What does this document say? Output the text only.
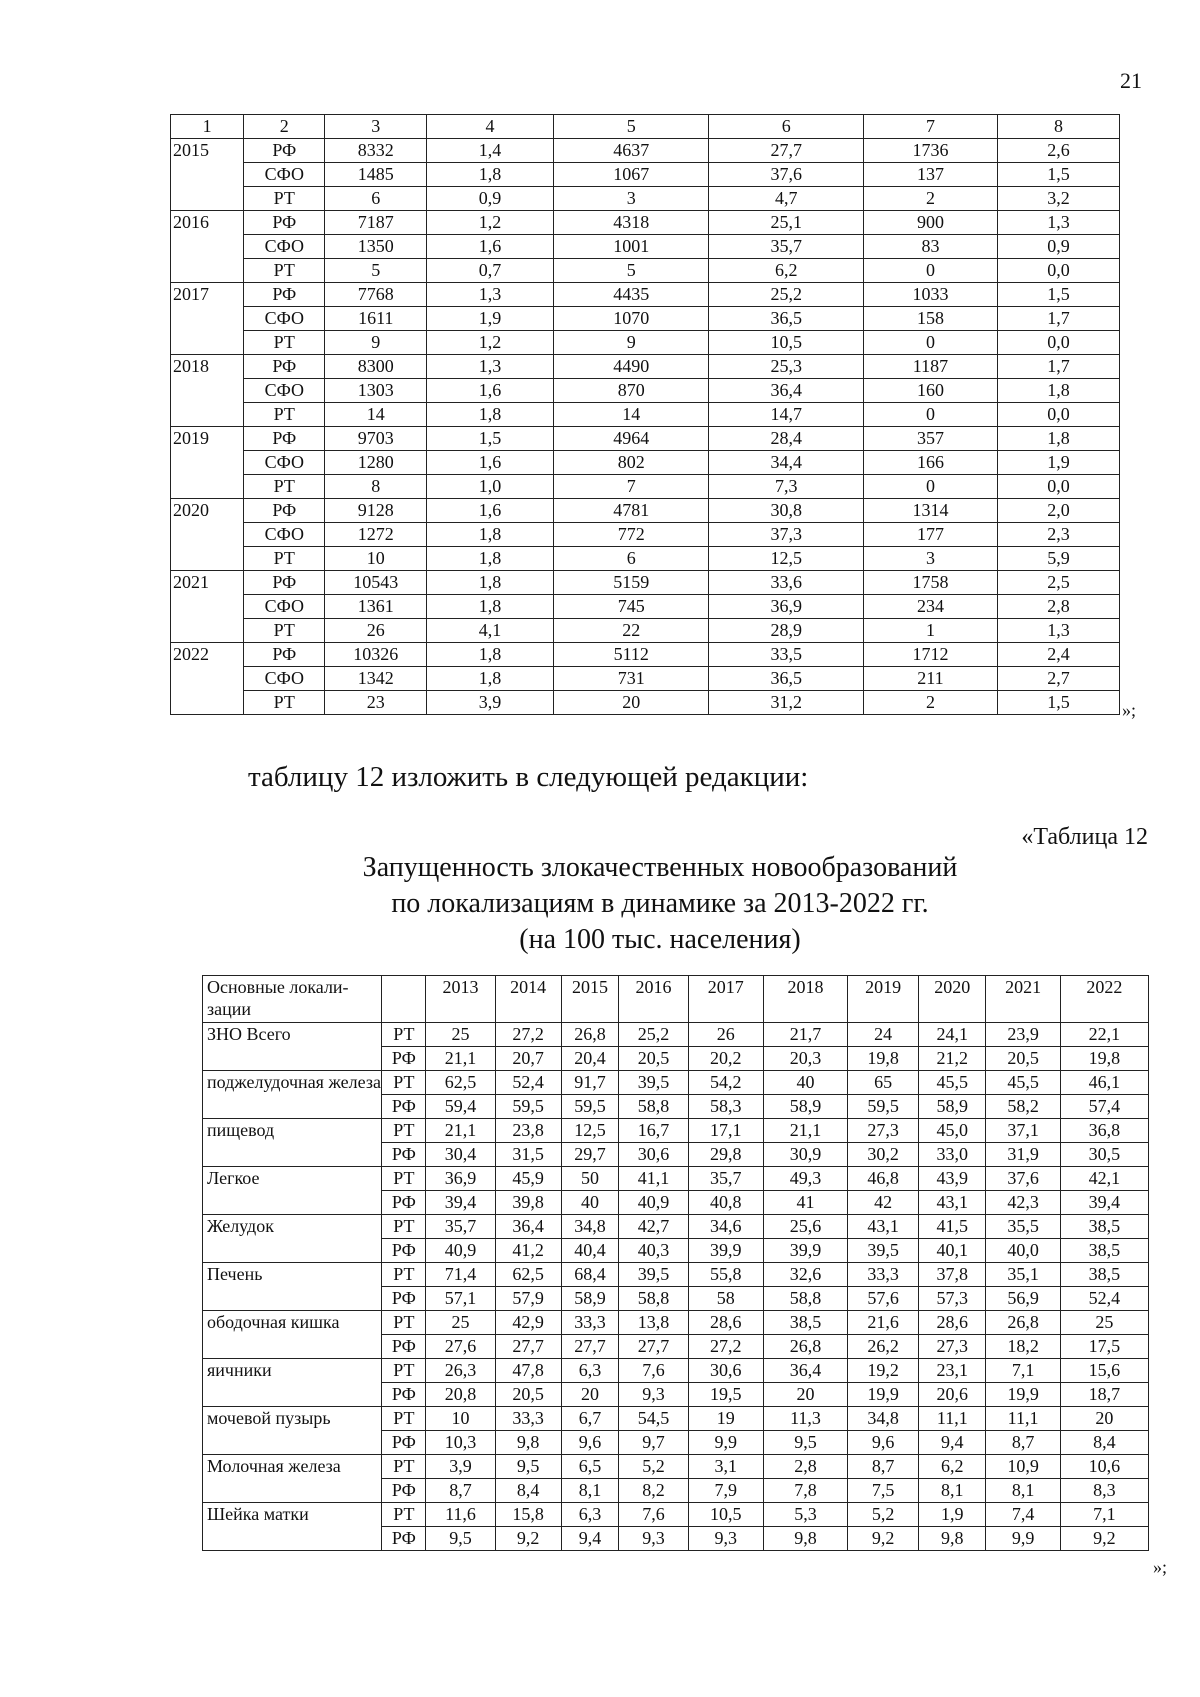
21
1	2	3	4	5	6	7	8
2015	РФ	8332	1,4	4637	27,7	1736	2,6
	СФО	1485	1,8	1067	37,6	137	1,5
	РТ	6	0,9	3	4,7	2	3,2
2016	РФ	7187	1,2	4318	25,1	900	1,3
	СФО	1350	1,6	1001	35,7	83	0,9
	РТ	5	0,7	5	6,2	0	0,0
2017	РФ	7768	1,3	4435	25,2	1033	1,5
	СФО	1611	1,9	1070	36,5	158	1,7
	РТ	9	1,2	9	10,5	0	0,0
2018	РФ	8300	1,3	4490	25,3	1187	1,7
	СФО	1303	1,6	870	36,4	160	1,8
	РТ	14	1,8	14	14,7	0	0,0
2019	РФ	9703	1,5	4964	28,4	357	1,8
	СФО	1280	1,6	802	34,4	166	1,9
	РТ	8	1,0	7	7,3	0	0,0
2020	РФ	9128	1,6	4781	30,8	1314	2,0
	СФО	1272	1,8	772	37,3	177	2,3
	РТ	10	1,8	6	12,5	3	5,9
2021	РФ	10543	1,8	5159	33,6	1758	2,5
	СФО	1361	1,8	745	36,9	234	2,8
	РТ	26	4,1	22	28,9	1	1,3
2022	РФ	10326	1,8	5112	33,5	1712	2,4
	СФО	1342	1,8	731	36,5	211	2,7
	РТ	23	3,9	20	31,2	2	1,5	»;
таблицу 12 изложить в следующей редакции:
«Таблица 12
Запущенность злокачественных новообразований
по локализациям в динамике за 2013-2022 гг.
(на 100 тыс. населения)
Основные локали-зации		2013	2014	2015	2016	2017	2018	2019	2020	2021	2022
ЗНО Всего	РТ	25	27,2	26,8	25,2	26	21,7	24	24,1	23,9	22,1
	РФ	21,1	20,7	20,4	20,5	20,2	20,3	19,8	21,2	20,5	19,8
поджелудочная железа	РТ	62,5	52,4	91,7	39,5	54,2	40	65	45,5	45,5	46,1
	РФ	59,4	59,5	59,5	58,8	58,3	58,9	59,5	58,9	58,2	57,4
пищевод	РТ	21,1	23,8	12,5	16,7	17,1	21,1	27,3	45,0	37,1	36,8
	РФ	30,4	31,5	29,7	30,6	29,8	30,9	30,2	33,0	31,9	30,5
Легкое	РТ	36,9	45,9	50	41,1	35,7	49,3	46,8	43,9	37,6	42,1
	РФ	39,4	39,8	40	40,9	40,8	41	42	43,1	42,3	39,4
Желудок	РТ	35,7	36,4	34,8	42,7	34,6	25,6	43,1	41,5	35,5	38,5
	РФ	40,9	41,2	40,4	40,3	39,9	39,9	39,5	40,1	40,0	38,5
Печень	РТ	71,4	62,5	68,4	39,5	55,8	32,6	33,3	37,8	35,1	38,5
	РФ	57,1	57,9	58,9	58,8	58	58,8	57,6	57,3	56,9	52,4
ободочная кишка	РТ	25	42,9	33,3	13,8	28,6	38,5	21,6	28,6	26,8	25
	РФ	27,6	27,7	27,7	27,7	27,2	26,8	26,2	27,3	18,2	17,5
яичники	РТ	26,3	47,8	6,3	7,6	30,6	36,4	19,2	23,1	7,1	15,6
	РФ	20,8	20,5	20	9,3	19,5	20	19,9	20,6	19,9	18,7
мочевой пузырь	РТ	10	33,3	6,7	54,5	19	11,3	34,8	11,1	11,1	20
	РФ	10,3	9,8	9,6	9,7	9,9	9,5	9,6	9,4	8,7	8,4
Молочная железа	РТ	3,9	9,5	6,5	5,2	3,1	2,8	8,7	6,2	10,9	10,6
	РФ	8,7	8,4	8,1	8,2	7,9	7,8	7,5	8,1	8,1	8,3
Шейка матки	РТ	11,6	15,8	6,3	7,6	10,5	5,3	5,2	1,9	7,4	7,1
	РФ	9,5	9,2	9,4	9,3	9,3	9,8	9,2	9,8	9,9	9,2
»;
